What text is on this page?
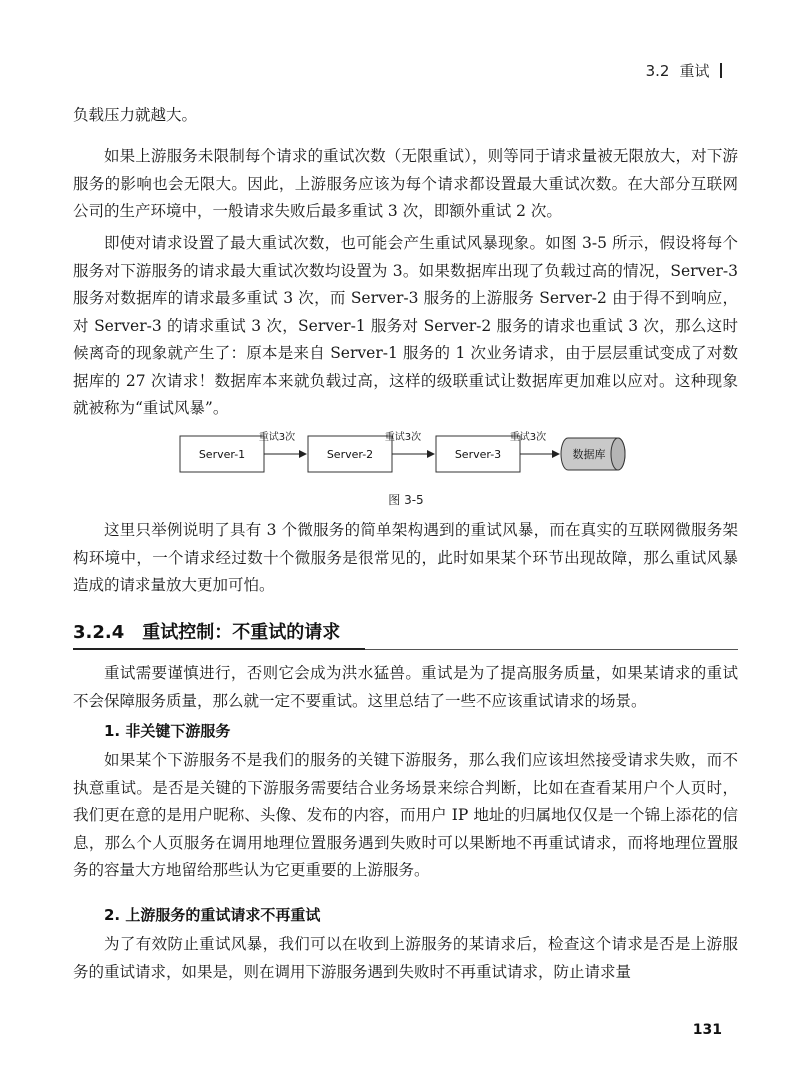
3.2 重试

负载压力就越大。

如果上游服务未限制每个请求的重试次数（无限重试），则等同于请求量被无限放大，对下游服务的影响也会无限大。因此，上游服务应该为每个请求都设置最大重试次数。在大部分互联网公司的生产环境中，一般请求失败后最多重试 3 次，即额外重试 2 次。

即使对请求设置了最大重试次数，也可能会产生重试风暴现象。如图 3-5 所示，假设将每个服务对下游服务的请求最大重试次数均设置为 3。如果数据库出现了负载过高的情况，Server-3 服务对数据库的请求最多重试 3 次，而 Server-3 服务的上游服务 Server-2 由于得不到响应，对 Server-3 的请求重试 3 次，Server-1 服务对 Server-2 服务的请求也重试 3 次，那么这时候离奇的现象就产生了：原本是来自 Server-1 服务的 1 次业务请求，由于层层重试变成了对数据库的 27 次请求！数据库本来就负载过高，这样的级联重试让数据库更加难以应对。这种现象就被称为“重试风暴”。

Server-1	Server-2	Server-3	数据库
重试3次	重试3次	重试3次
图 3-5

这里只举例说明了具有 3 个微服务的简单架构遇到的重试风暴，而在真实的互联网微服务架构环境中，一个请求经过数十个微服务是很常见的，此时如果某个环节出现故障，那么重试风暴造成的请求量放大更加可怕。

3.2.4 重试控制：不重试的请求

重试需要谨慎进行，否则它会成为洪水猛兽。重试是为了提高服务质量，如果某请求的重试不会保障服务质量，那么就一定不要重试。这里总结了一些不应该重试请求的场景。

1. 非关键下游服务

如果某个下游服务不是我们的服务的关键下游服务，那么我们应该坦然接受请求失败，而不执意重试。是否是关键的下游服务需要结合业务场景来综合判断，比如在查看某用户个人页时，我们更在意的是用户昵称、头像、发布的内容，而用户 IP 地址的归属地仅仅是一个锦上添花的信息，那么个人页服务在调用地理位置服务遇到失败时可以果断地不再重试请求，而将地理位置服务的容量大方地留给那些认为它更重要的上游服务。

2. 上游服务的重试请求不再重试

为了有效防止重试风暴，我们可以在收到上游服务的某请求后，检查这个请求是否是上游服务的重试请求，如果是，则在调用下游服务遇到失败时不再重试请求，防止请求量

131
